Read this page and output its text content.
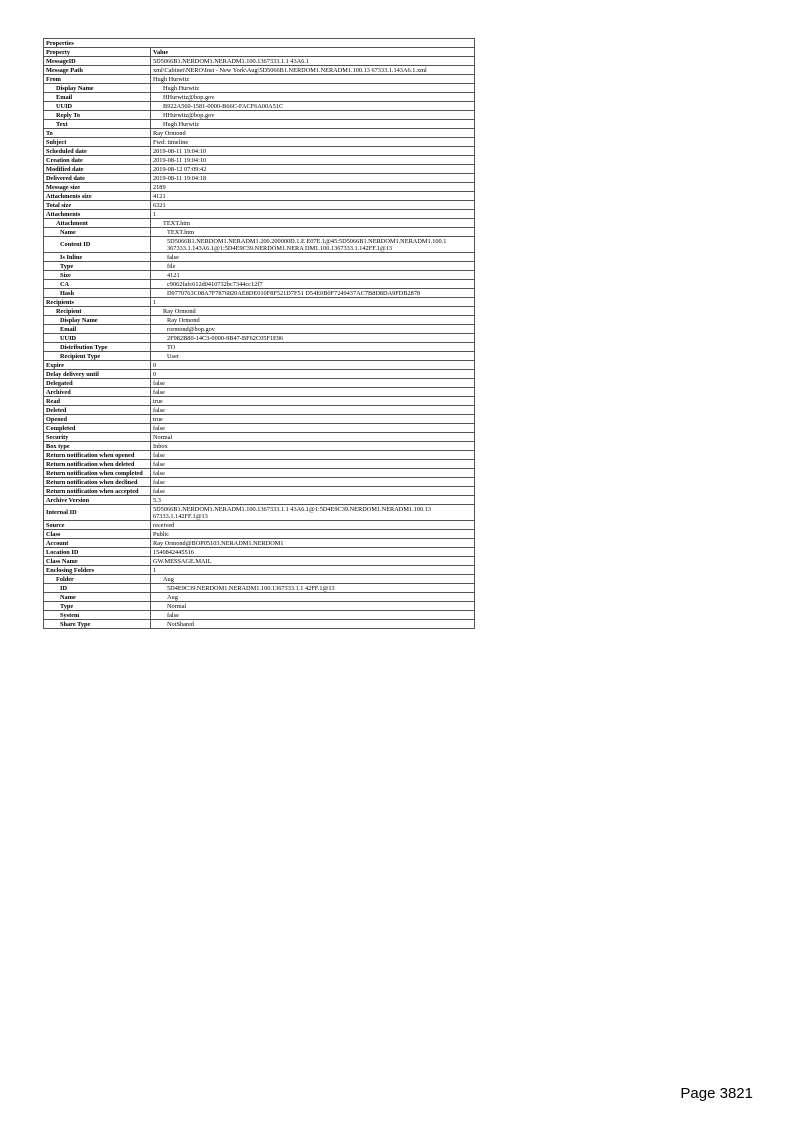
Properties	
Property	Value
MessageID	5D5066B1.NERDOM1.NERADM1.100.1367333.1.1 43A6.1
Message Path	xml\Cabinet\NERO\Inst - New York\Aug\5D5066B1.NERDOM1.NERADM1.100.13 67333.1.143A6.1.xml
From	Hugh Hurwitz
Display Name	Hugh Hurwitz
Email	HHurwitz@bop.gov
UUID	B922A560-1581-0000-B66C-FACF6A00A51C
Reply To	HHurwitz@bop.gov
Text	Hugh Hurwitz
To	Ray Ormond
Subject	Fwd: timeline
Scheduled date	2019-08-11 19:04:10
Creation date	2019-08-11 19:04:10
Modified date	2019-08-12 07:09:42
Delivered date	2019-08-11 19:04:18
Message size	2189
Attachments size	4121
Total size	6321
Attachments	1
Attachment	TEXT.htm
Name	TEXT.htm
Content ID	5D5066B1.NERDOM1.NERADM1.200.200000D.1.E E07E.1@45:5D5066B1.NERDOM1.NERADM1.100.1 367333.1.143A6.1@1:5D4E9C39.NERDOM1.NERA DM1.100.1367333.1.142FF.1@13
Is Inline	false
Type	file
Size	4121
CA	c9062fafc612d0410732bc7344cc12f7
Hash	D9770763C08A7F7876820AE8DE010F8F521D7F51 D54E0B0F7249437AC7B8D8DA9FDB2878
Recipients	1
Recipient	Ray Ormond
Display Name	Ray Ormond
Email	rormond@bop.gov
UUID	2F982B80-14C3-0000-9B47-BF62C05F1E96
Distribution Type	TO
Recipient Type	User
Expire	0
Delay delivery until	0
Delegated	false
Archived	false
Read	true
Deleted	false
Opened	true
Completed	false
Security	Normal
Box type	Inbox
Return notification when opened	false
Return notification when deleted	false
Return notification when completed	false
Return notification when declined	false
Return notification when accepted	false
Archive Version	5.3
Internal ID	5D5066B1.NERDOM1.NERADM1.100.1367333.1.1 43A6.1@1:5D4E9C39.NERDOM1.NERADM1.100.13 67333.1.142FF.1@13
Source	received
Class	Public
Account	Ray Ormond@BOP05103.NERADM1.NERDOM1
Location ID	1540842445516
Class Name	GW.MESSAGE.MAIL
Enclosing Folders	1
Folder	Aug
ID	5D4E9C39.NERDOM1.NERADM1.100.1367333.1.1 42FF.1@13
Name	Aug
Type	Normal
System	false
Share Type	NotShared
Page 3821
